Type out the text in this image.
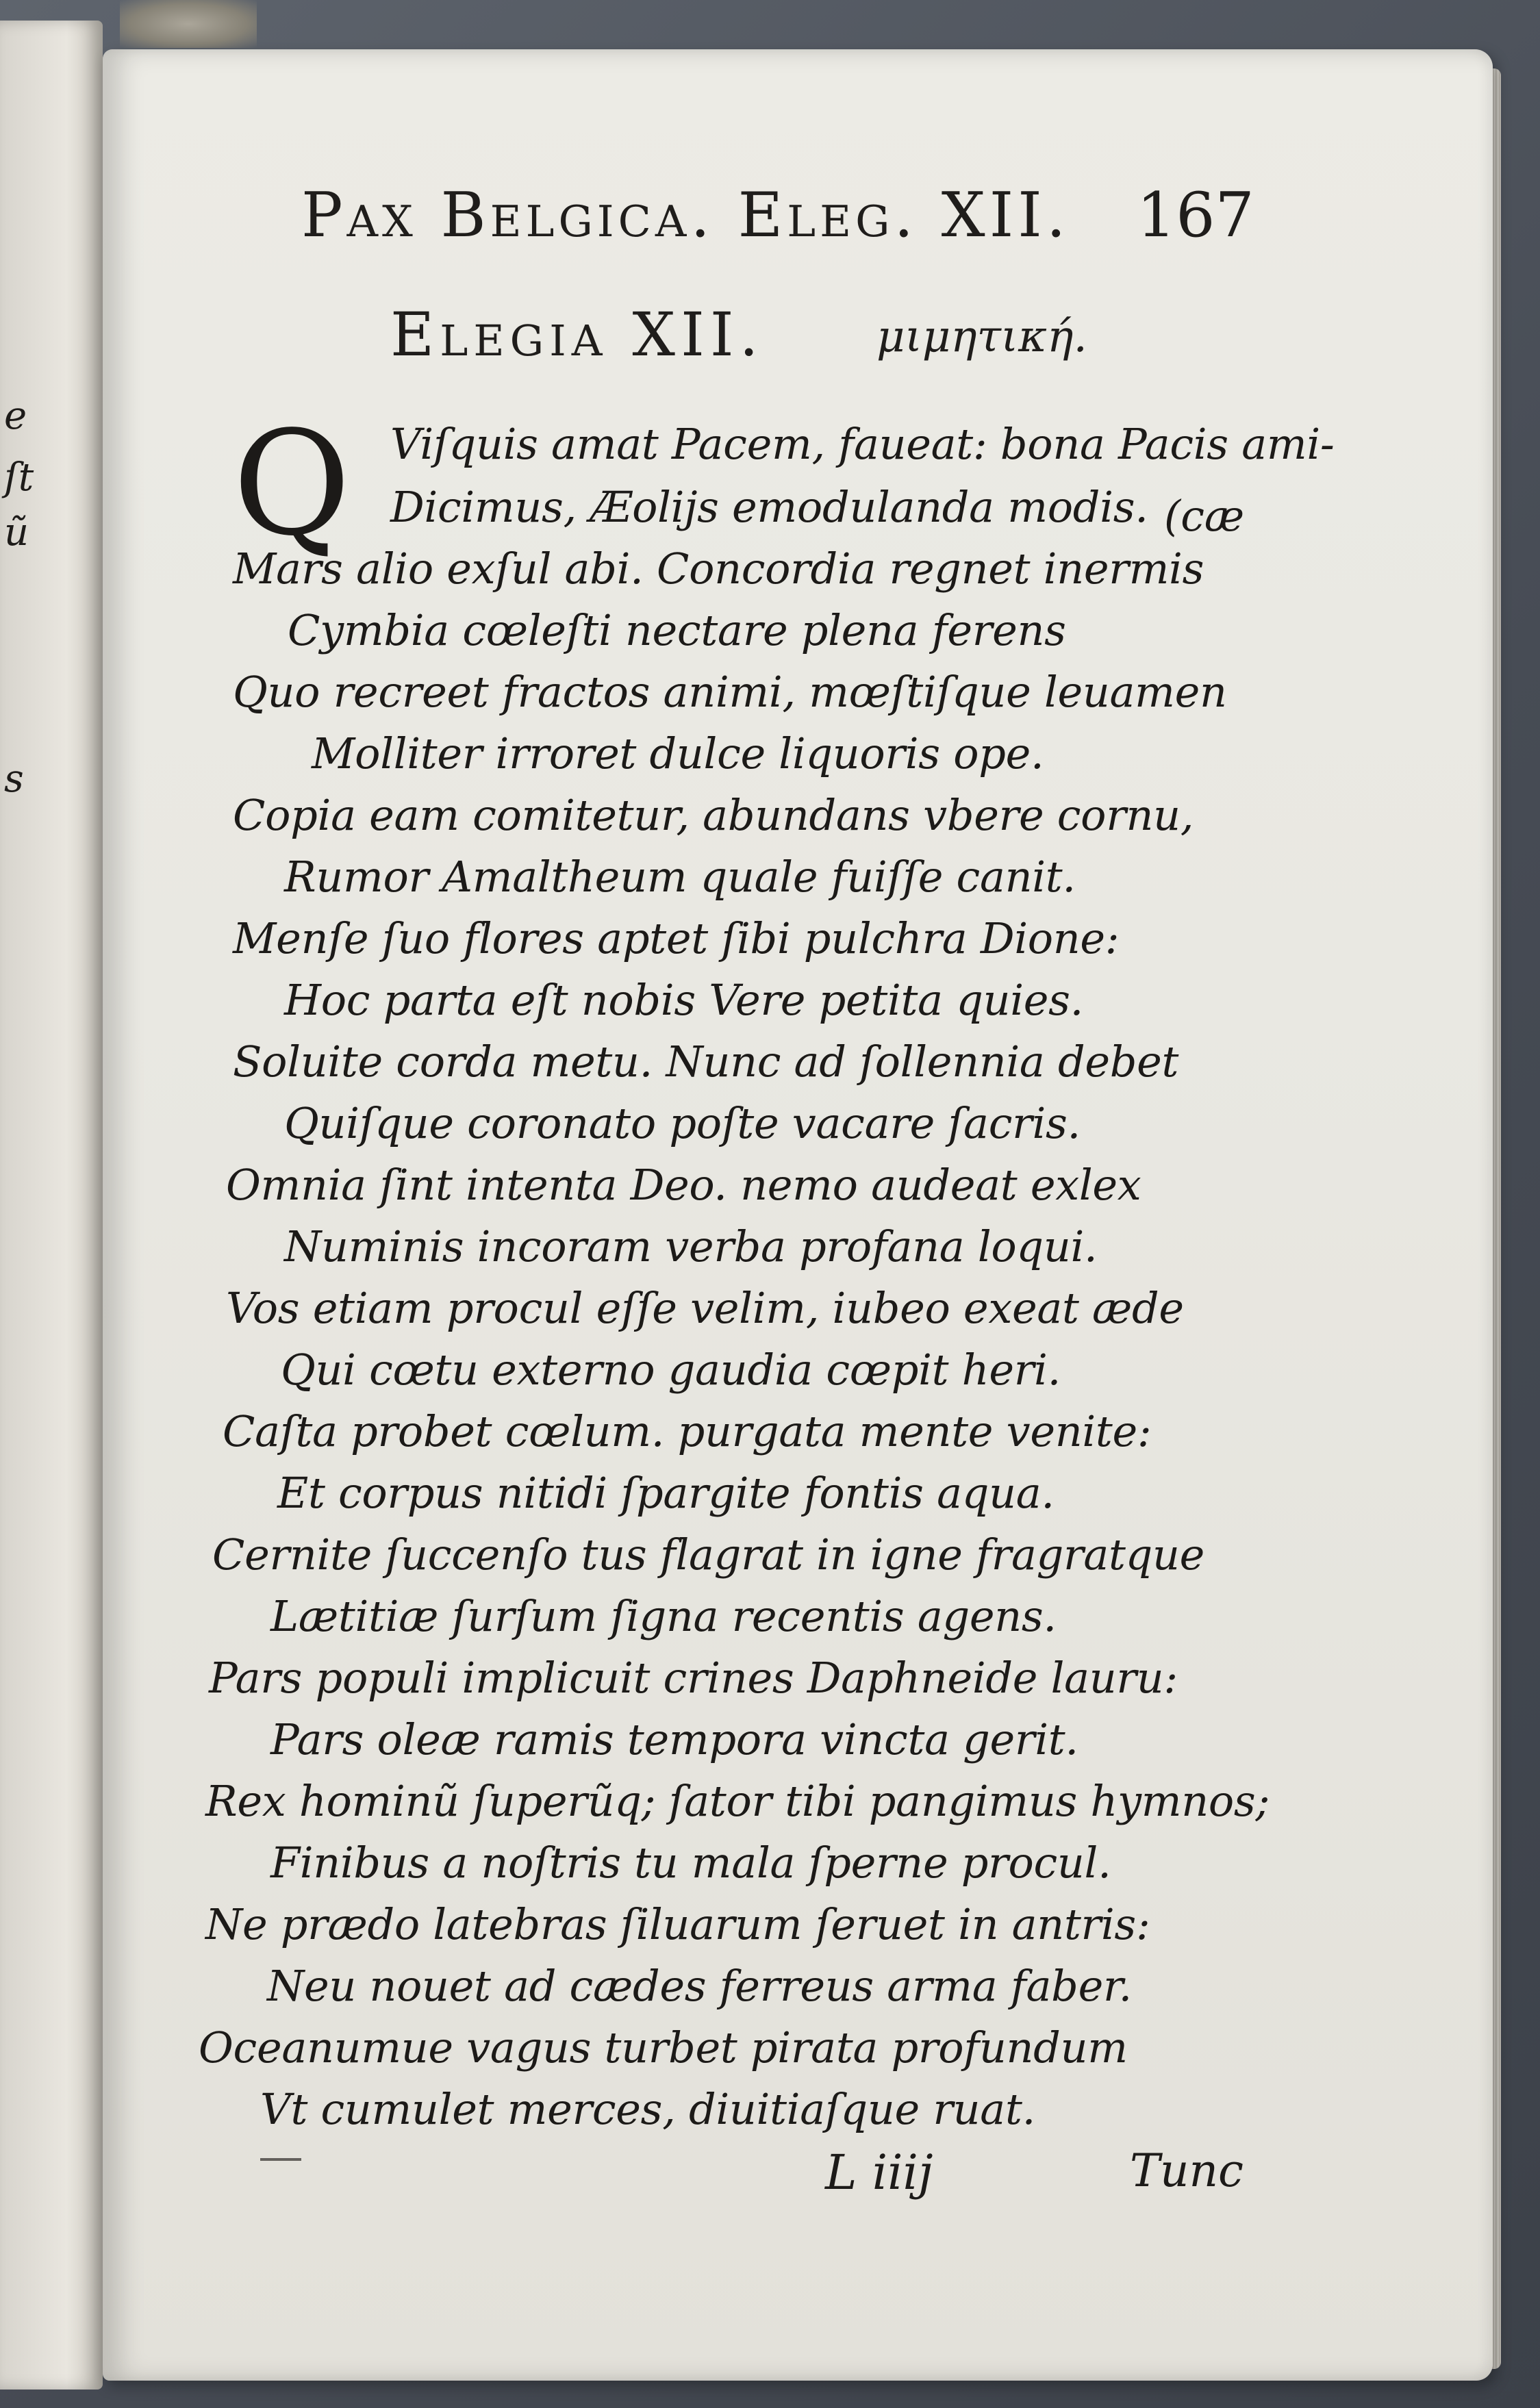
e
ſt
ũ
s
Pax Belgica. Eleg. XII. 167
Elegia XII.	μιμητική.
Q Viſquis amat Pacem, faueat: bona Pacis ami-
Dicimus, Æolijs emodulanda modis. (cæ
Mars alio exſul abi. Concordia regnet inermis
Cymbia cœleſti nectare plena ferens
Quo recreet fractos animi, mœſtiſque leuamen
Molliter irroret dulce liquoris ope.
Copia eam comitetur, abundans vbere cornu,
Rumor Amaltheum quale fuiſſe canit.
Menſe ſuo flores aptet ſibi pulchra Dione:
Hoc parta eſt nobis Vere petita quies.
Soluite corda metu. Nunc ad ſollennia debet
Quiſque coronato poſte vacare ſacris.
Omnia ſint intenta Deo. nemo audeat exlex
Numinis incoram verba profana loqui.
Vos etiam procul eſſe velim, iubeo exeat æde
Qui cœtu externo gaudia cœpit heri.
Caſta probet cœlum. purgata mente venite:
Et corpus nitidi ſpargite fontis aqua.
Cernite ſuccenſo tus flagrat in igne fragratque
Lætitiæ ſurſum ſigna recentis agens.
Pars populi implicuit crines Daphneide lauru:
Pars oleæ ramis tempora vincta gerit.
Rex hominũ ſuperũq; ſator tibi pangimus hymnos;
Finibus a noſtris tu mala ſperne procul.
Ne prædo latebras ſiluarum ſeruet in antris:
Neu nouet ad cædes ferreus arma faber.
Oceanumue vagus turbet pirata profundum
Vt cumulet merces, diuitiaſque ruat.
L iiij	Tunc
